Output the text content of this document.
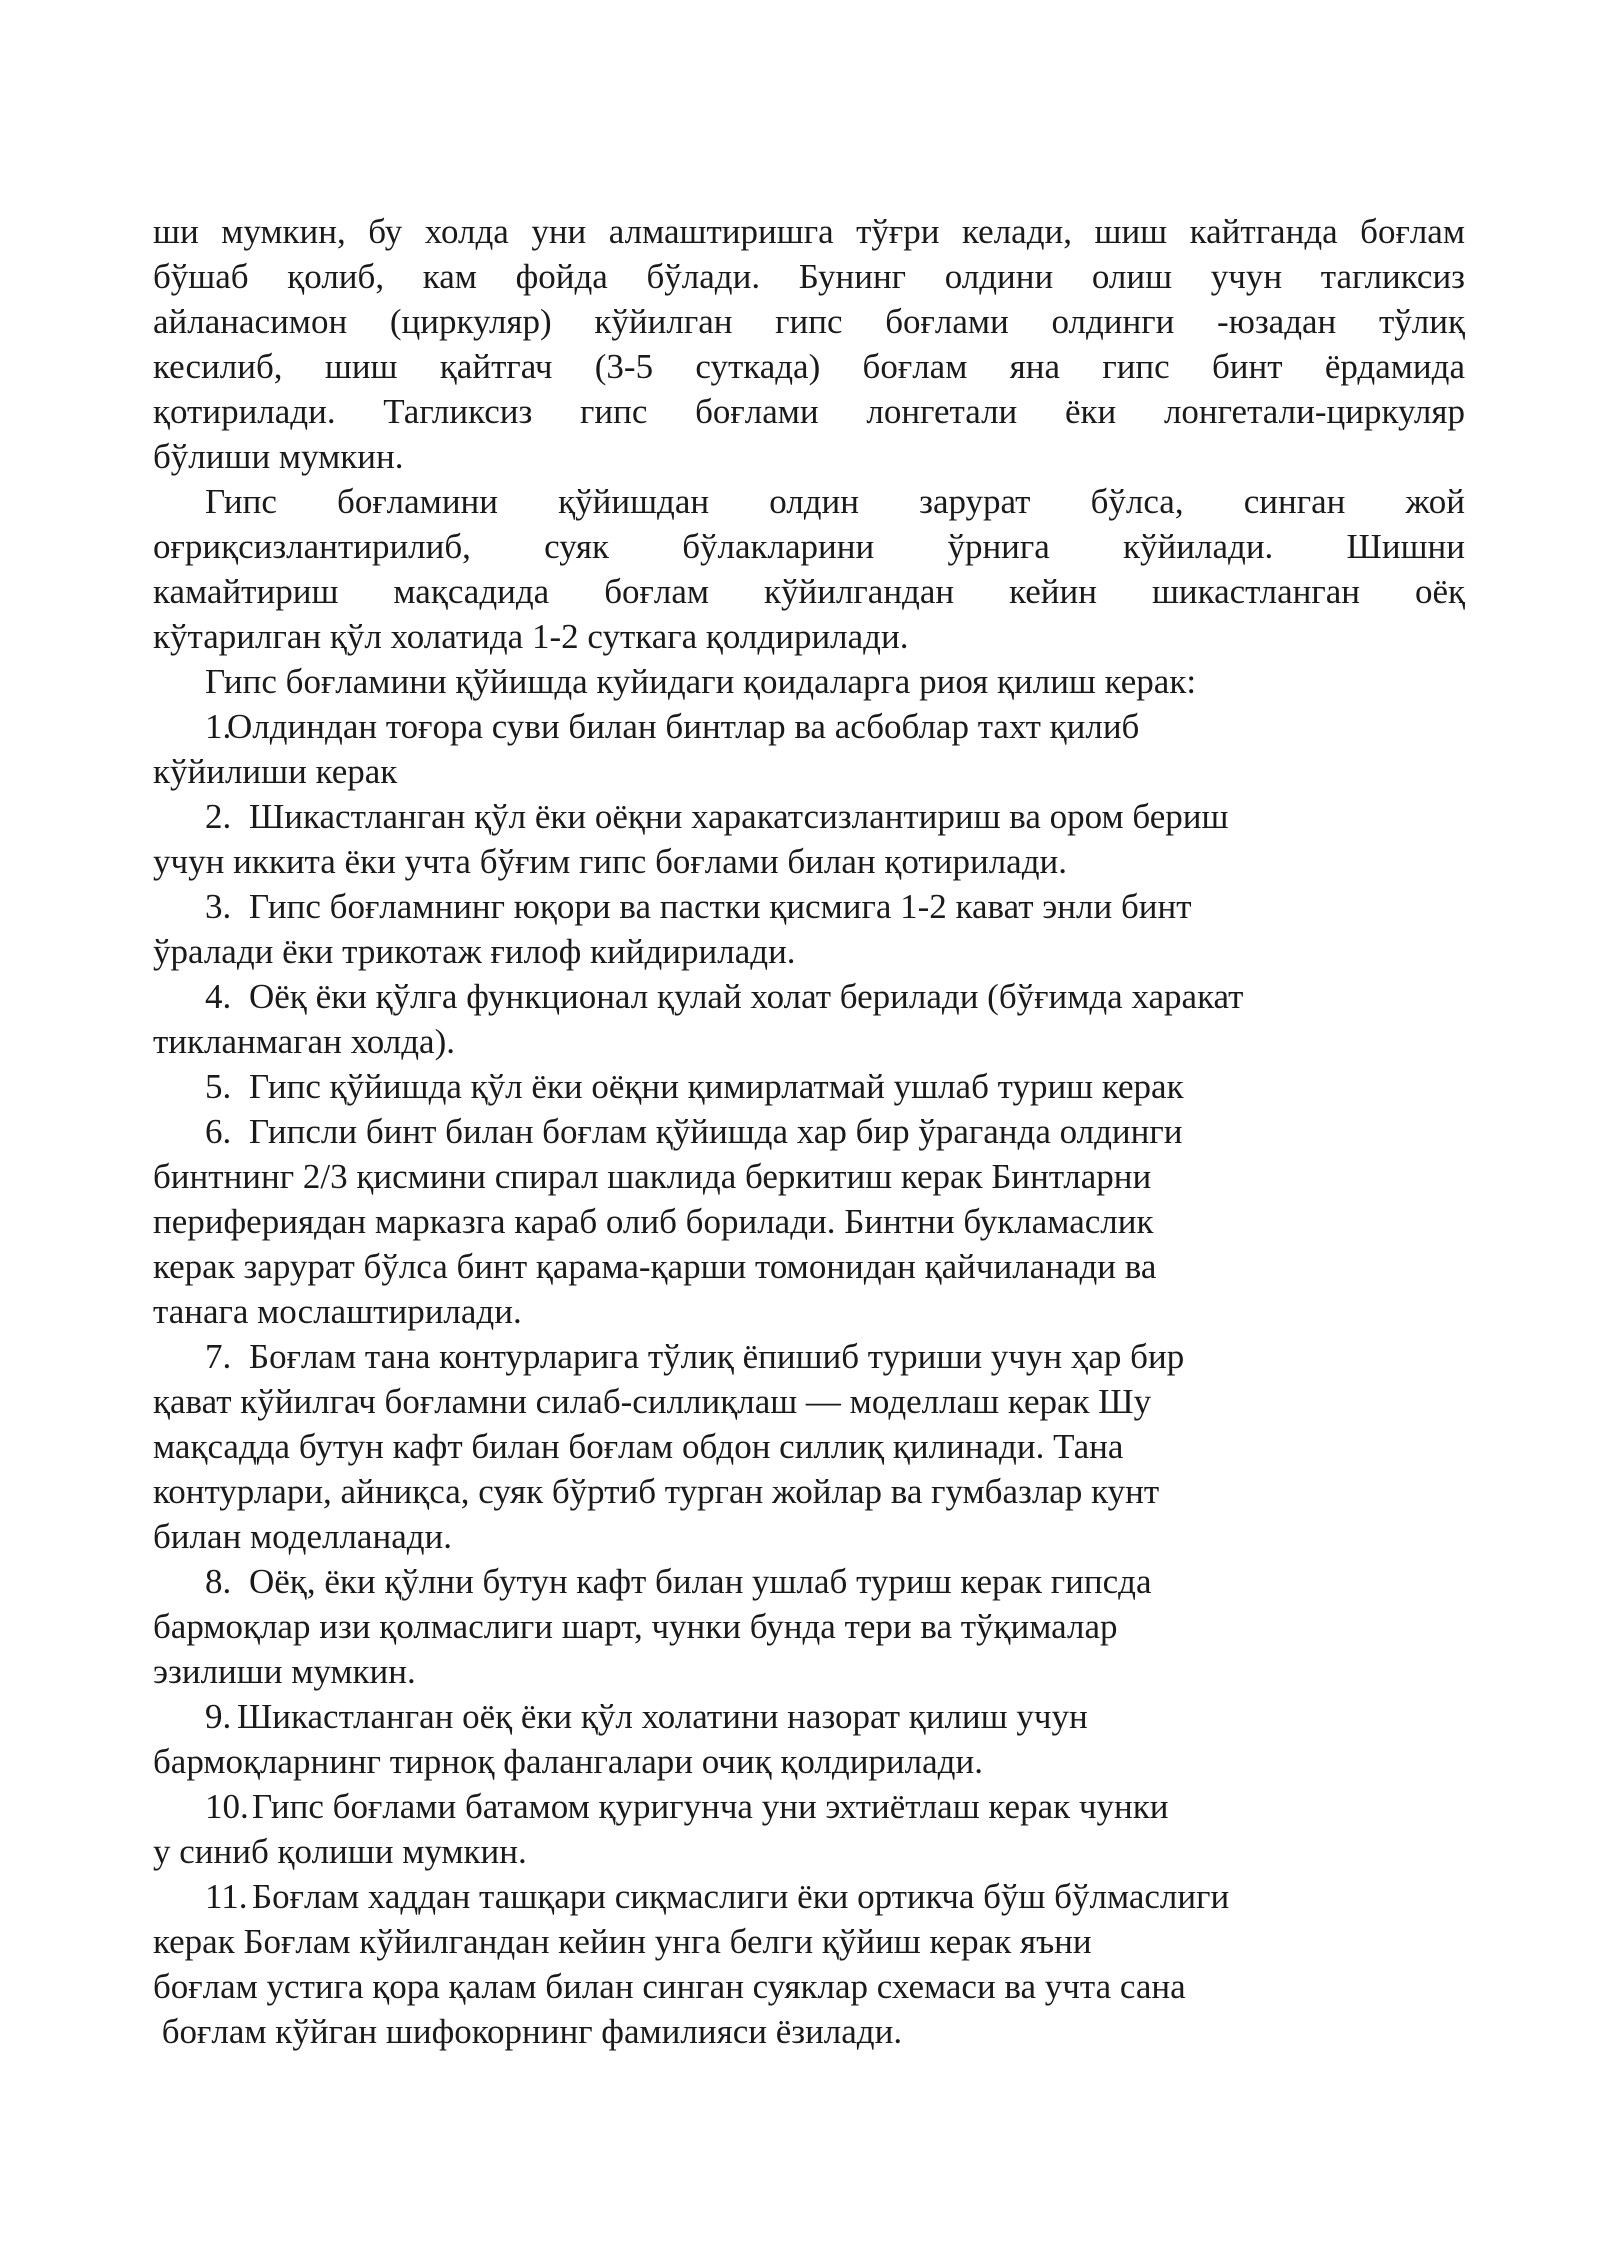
ши мумкин, бу холда уни алмаштиришга тўғри келади, шиш кайтганда боғлам
бўшаб қолиб, кам фойда бўлади. Бунинг олдини олиш учун тагликсиз
айланасимон (циркуляр) кўйилган гипс боғлами олдинги -юзадан тўлиқ
кесилиб, шиш қайтгач (3-5 суткада) боғлам яна гипс бинт ёрдамида
қотирилади. Тагликсиз гипс боғлами лонгетали ёки лонгетали-циркуляр
бўлиши мумкин.
Гипс боғламини қўйишдан олдин зарурат бўлса, синган жой
оғриқсизлантирилиб, суяк бўлакларини ўрнига кўйилади. Шишни
камайтириш мақсадида боғлам кўйилгандан кейин шикастланган оёқ
кўтарилган қўл холатида 1-2 суткага қолдирилади.
Гипс боғламини қўйишда куйидаги қоидаларга риоя қилиш керак:
1.
Олдиндан тоғора суви билан бинтлар ва асбоблар тахт қилиб
кўйилиши керак
2. Шикастланган қўл ёки оёқни харакатсизлантириш ва ором бериш
учун иккита ёки учта бўғим гипс боғлами билан қотирилади.
3. Гипс боғламнинг юқори ва пастки қисмига 1-2 кават энли бинт
ўралади ёки трикотаж ғилоф кийдирилади.
4. Оёқ ёки қўлга функционал қулай холат берилади (бўғимда харакат
тикланмаган холда).
5. Гипс қўйишда қўл ёки оёқни қимирлатмай ушлаб туриш керак
6. Гипсли бинт билан боғлам қўйишда хар бир ўраганда олдинги
бинтнинг 2/3 қисмини спирал шаклида беркитиш керак Бинтларни
перифериядан марказга караб олиб борилади. Бинтни букламаслик
керак зарурат бўлса бинт қарама-қарши томонидан қайчиланади ва
танага мослаштирилади.
7. Боғлам тана контурларига тўлиқ ёпишиб туриши учун ҳар бир
қават кўйилгач боғламни силаб-силлиқлаш — моделлаш керак Шу
мақсадда бутун кафт билан боғлам обдон силлиқ қилинади. Тана
контурлари, айниқса, суяк бўртиб турган жойлар ва гумбазлар кунт
билан моделланади.
8. Оёқ, ёки қўлни бутун кафт билан ушлаб туриш керак гипсда
бармоқлар изи қолмаслиги шарт, чунки бунда тери ва тўқималар
эзилиши мумкин.
9. Шикастланган оёқ ёки қўл холатини назорат қилиш учун
бармоқларнинг тирноқ фалангалари очиқ қолдирилади.
10. Гипс боғлами батамом қуригунча уни эхтиётлаш керак чунки
у синиб қолиши мумкин.
11. Боғлам хаддан ташқари сиқмаслиги ёки ортикча бўш бўлмаслиги
керак Боғлам кўйилгандан кейин унга белги қўйиш керак яъни
боғлам устига қора қалам билан синган суяклар схемаси ва учта сана
боғлам кўйган шифокорнинг фамилияси ёзилади.
